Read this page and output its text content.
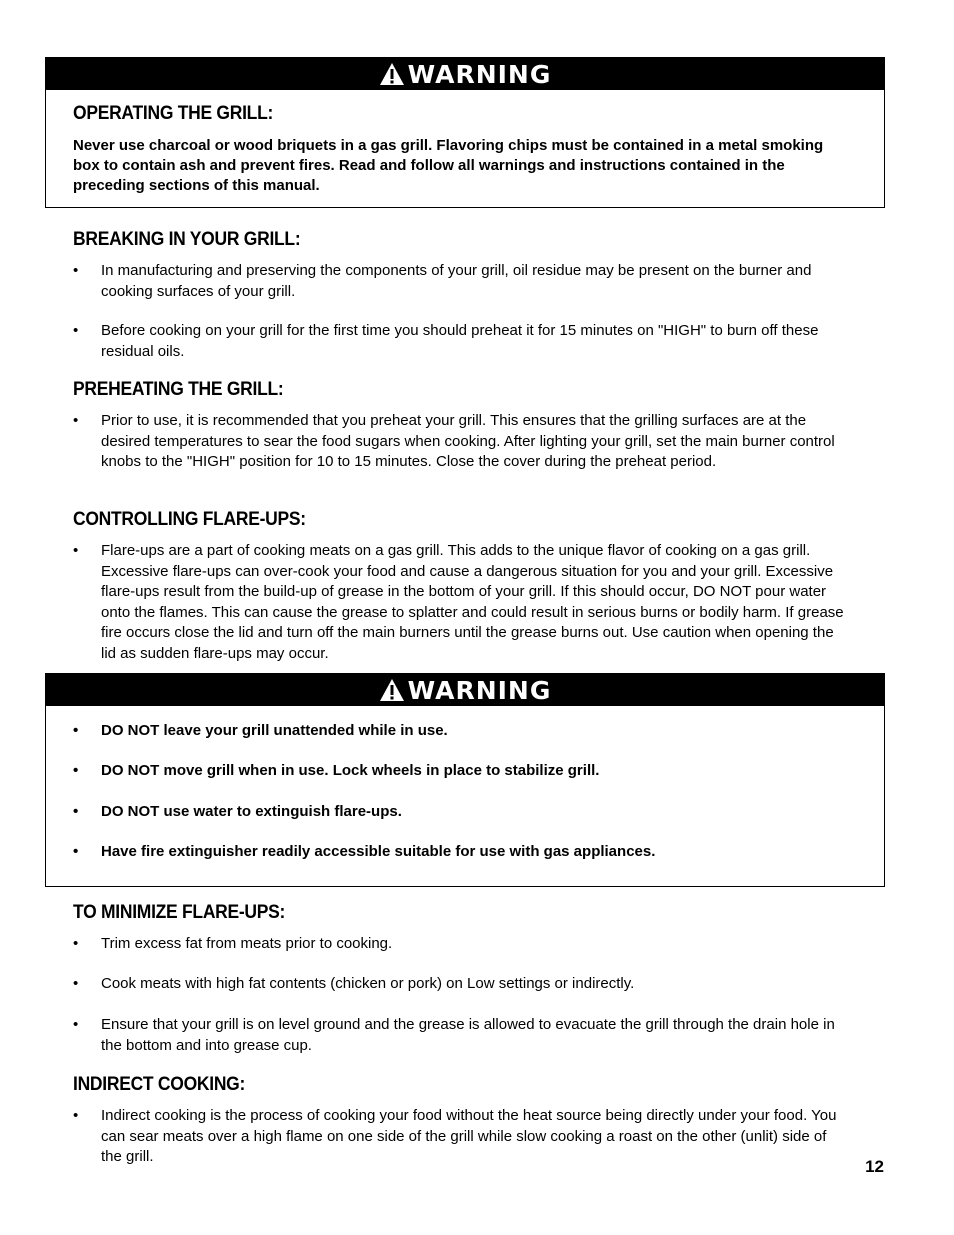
WARNING
OPERATING THE GRILL:

Never use charcoal or wood briquets in a gas grill. Flavoring chips must be contained in a metal smoking box to contain ash and prevent fires. Read and follow all warnings and instructions contained in the preceding sections of this manual.

BREAKING IN YOUR GRILL:
• In manufacturing and preserving the components of your grill, oil residue may be present on the burner and cooking surfaces of your grill.
• Before cooking on your grill for the first time you should preheat it for 15 minutes on "HIGH" to burn off these residual oils.
PREHEATING THE GRILL:
• Prior to use, it is recommended that you preheat your grill. This ensures that the grilling surfaces are at the desired temperatures to sear the food sugars when cooking. After lighting your grill, set the main burner control knobs to the "HIGH" position for 10 to 15 minutes. Close the cover during the preheat period.
CONTROLLING FLARE-UPS:
• Flare-ups are a part of cooking meats on a gas grill. This adds to the unique flavor of cooking on a gas grill. Excessive flare-ups can over-cook your food and cause a dangerous situation for you and your grill. Excessive flare-ups result from the build-up of grease in the bottom of your grill. If this should occur, DO NOT pour water onto the flames. This can cause the grease to splatter and could result in serious burns or bodily harm. If grease fire occurs close the lid and turn off the main burners until the grease burns out. Use caution when opening the lid as sudden flare-ups may occur.
WARNING
• DO NOT leave your grill unattended while in use.
• DO NOT move grill when in use. Lock wheels in place to stabilize grill.
• DO NOT use water to extinguish flare-ups.
• Have fire extinguisher readily accessible suitable for use with gas appliances.
TO MINIMIZE FLARE-UPS:
• Trim excess fat from meats prior to cooking.
• Cook meats with high fat contents (chicken or pork) on Low settings or indirectly.
• Ensure that your grill is on level ground and the grease is allowed to evacuate the grill through the drain hole in the bottom and into grease cup.
INDIRECT COOKING:
• Indirect cooking is the process of cooking your food without the heat source being directly under your food. You can sear meats over a high flame on one side of the grill while slow cooking a roast on the other (unlit) side of the grill.
12
